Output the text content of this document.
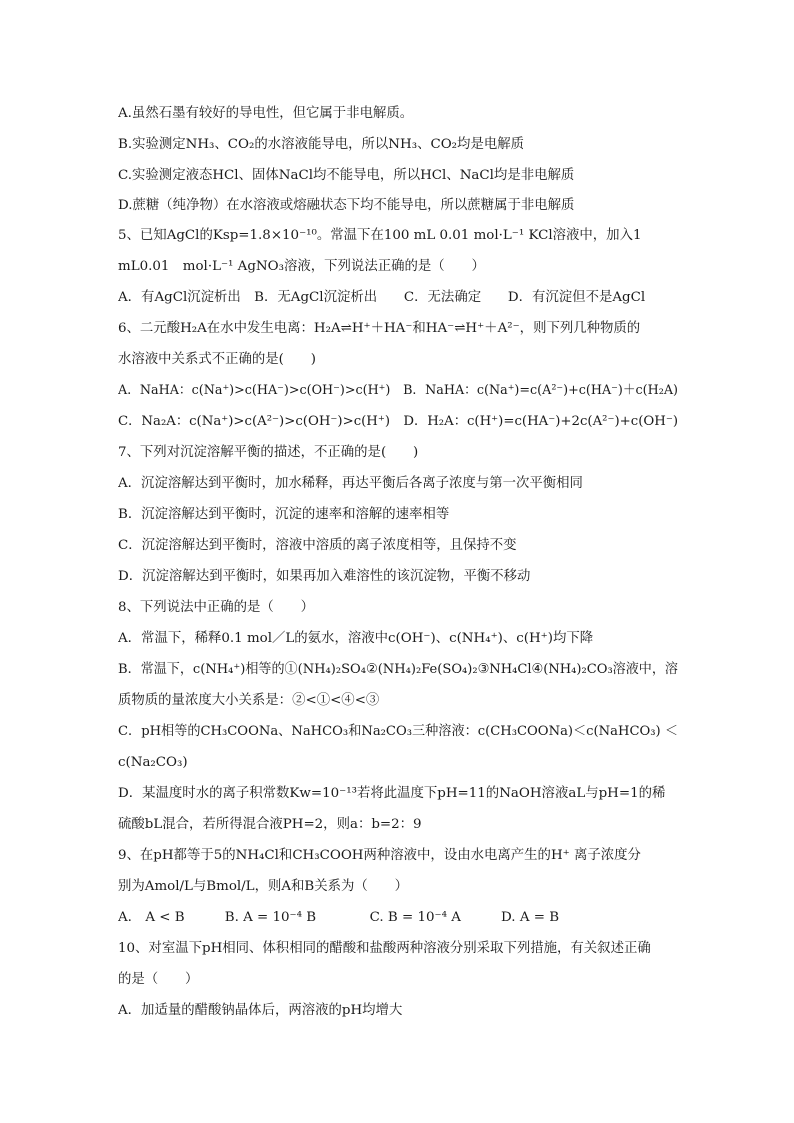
A.虽然石墨有较好的导电性，但它属于非电解质。
B.实验测定NH₃、CO₂的水溶液能导电，所以NH₃、CO₂均是电解质
C.实验测定液态HCl、固体NaCl均不能导电，所以HCl、NaCl均是非电解质
D.蔗糖（纯净物）在水溶液或熔融状态下均不能导电，所以蔗糖属于非电解质
5、已知AgCl的Ksp=1.8×10⁻¹⁰。常温下在100 mL 0.01 mol·L⁻¹ KCl溶液中，加入1
mL0.01　mol·L⁻¹ AgNO₃溶液，下列说法正确的是（　　）
A．有AgCl沉淀析出　B．无AgCl沉淀析出　　C．无法确定　　D．有沉淀但不是AgCl
6、二元酸H₂A在水中发生电离：H₂A⇌H⁺＋HA⁻和HA⁻⇌H⁺＋A²⁻，则下列几种物质的
水溶液中关系式不正确的是(　　)
A．NaHA：c(Na⁺)>c(HA⁻)>c(OH⁻)>c(H⁺)　B．NaHA：c(Na⁺)=c(A²⁻)+c(HA⁻)＋c(H₂A)
C．Na₂A：c(Na⁺)>c(A²⁻)>c(OH⁻)>c(H⁺)　D．H₂A：c(H⁺)=c(HA⁻)+2c(A²⁻)+c(OH⁻)
7、下列对沉淀溶解平衡的描述，不正确的是(　　)
A．沉淀溶解达到平衡时，加水稀释，再达平衡后各离子浓度与第一次平衡相同
B．沉淀溶解达到平衡时，沉淀的速率和溶解的速率相等
C．沉淀溶解达到平衡时，溶液中溶质的离子浓度相等，且保持不变
D．沉淀溶解达到平衡时，如果再加入难溶性的该沉淀物，平衡不移动
8、下列说法中正确的是（　　）
A．常温下，稀释0.1 mol／L的氨水，溶液中c(OH⁻)、c(NH₄⁺)、c(H⁺)均下降
B．常温下，c(NH₄⁺)相等的①(NH₄)₂SO₄②(NH₄)₂Fe(SO₄)₂③NH₄Cl④(NH₄)₂CO₃溶液中，溶
质物质的量浓度大小关系是：②<①<④<③
C．pH相等的CH₃COONa、NaHCO₃和Na₂CO₃三种溶液：c(CH₃COONa)＜c(NaHCO₃) ＜
c(Na₂CO₃)
D．某温度时水的离子积常数Kw=10⁻¹³若将此温度下pH=11的NaOH溶液aL与pH=1的稀
硫酸bL混合，若所得混合液PH=2，则a：b=2：9
9、在pH都等于5的NH₄Cl和CH₃COOH两种溶液中，设由水电离产生的H⁺ 离子浓度分
别为Amol/L与Bmol/L，则A和B关系为（　　）
A.　A < B　　　B. A = 10⁻⁴ B　　　　C. B = 10⁻⁴ A　　　D. A = B
10、对室温下pH相同、体积相同的醋酸和盐酸两种溶液分别采取下列措施，有关叙述正确
的是（　　）
A．加适量的醋酸钠晶体后，两溶液的pH均增大
